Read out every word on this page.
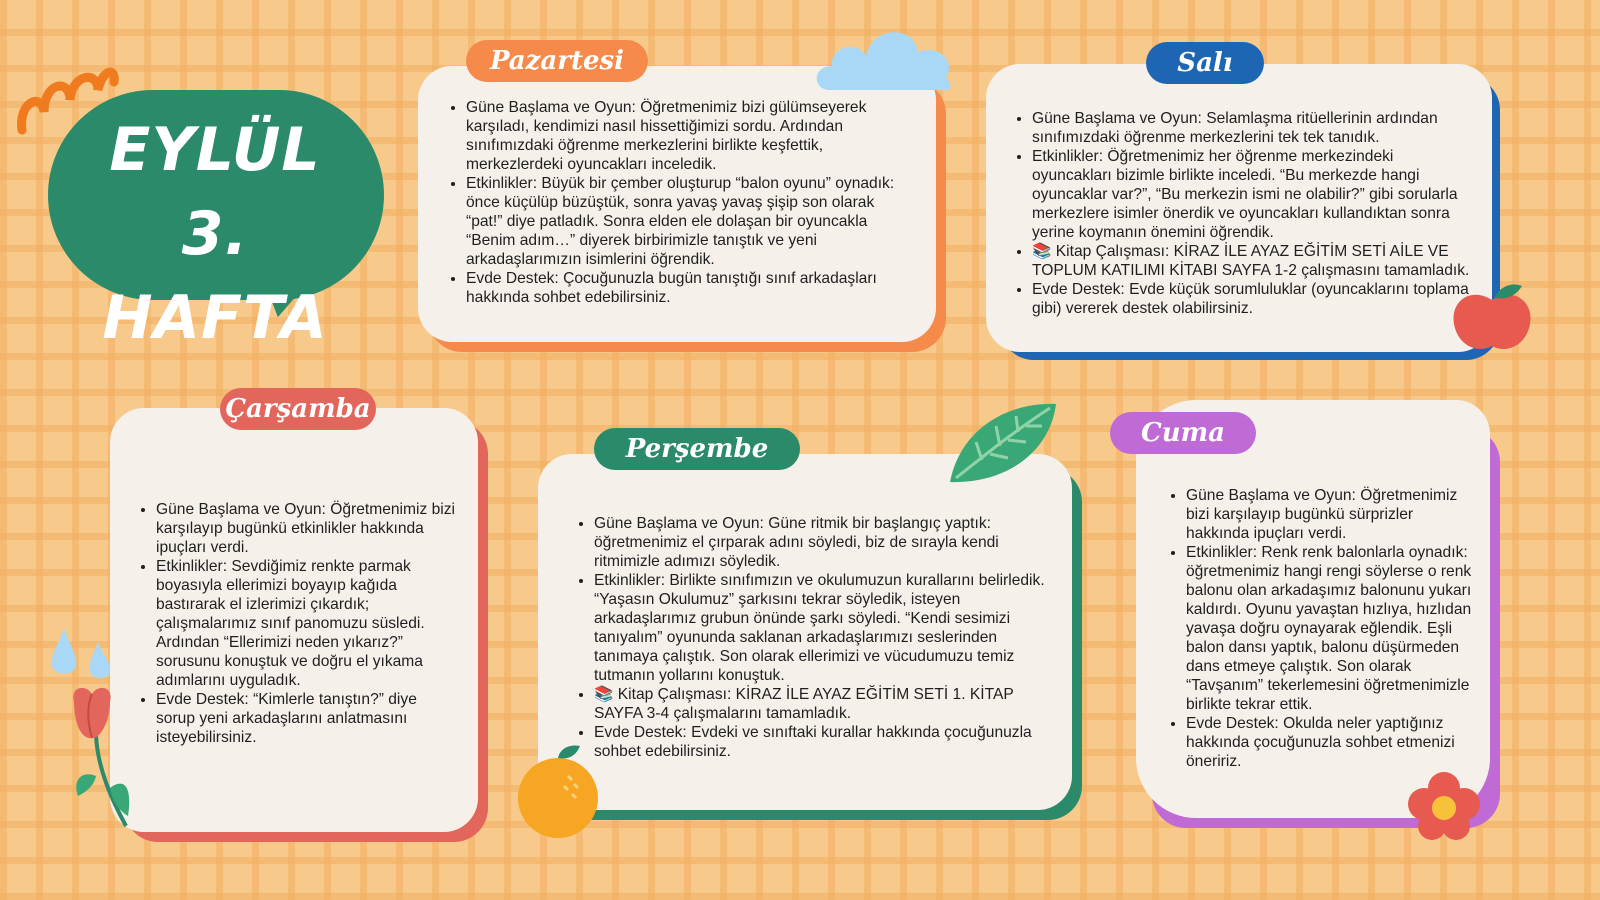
EYLÜL
3. HAFTA
• Güne Başlama ve Oyun: Öğretmenimiz bizi gülümseyerek karşıladı, kendimizi nasıl hissettiğimizi sordu. Ardından sınıfımızdaki öğrenme merkezlerini birlikte keşfettik, merkezlerdeki oyuncakları inceledik.
• Etkinlikler: Büyük bir çember oluşturup “balon oyunu” oynadık: önce küçülüp büzüştük, sonra yavaş yavaş şişip son olarak “pat!” diye patladık. Sonra elden ele dolaşan bir oyuncakla “Benim adım…” diyerek birbirimizle tanıştık ve yeni arkadaşlarımızın isimlerini öğrendik.
• Evde Destek: Çocuğunuzla bugün tanıştığı sınıf arkadaşları hakkında sohbet edebilirsiniz.
Pazartesi
• Güne Başlama ve Oyun: Selamlaşma ritüellerinin ardından sınıfımızdaki öğrenme merkezlerini tek tek tanıdık.
• Etkinlikler: Öğretmenimiz her öğrenme merkezindeki oyuncakları bizimle birlikte inceledi. “Bu merkezde hangi oyuncaklar var?”, “Bu merkezin ismi ne olabilir?” gibi sorularla merkezlere isimler önerdik ve oyuncakları kullandıktan sonra yerine koymanın önemini öğrendik.
• 📚 Kitap Çalışması: KİRAZ İLE AYAZ EĞİTİM SETİ AİLE VE TOPLUM KATILIMI KİTABI SAYFA 1-2 çalışmasını tamamladık.
• Evde Destek: Evde küçük sorumluluklar (oyuncaklarını toplama gibi) vererek destek olabilirsiniz.
Salı
• Güne Başlama ve Oyun: Öğretmenimiz bizi karşılayıp bugünkü etkinlikler hakkında ipuçları verdi.
• Etkinlikler: Sevdiğimiz renkte parmak boyasıyla ellerimizi boyayıp kağıda bastırarak el izlerimizi çıkardık; çalışmalarımız sınıf panomuzu süsledi. Ardından “Ellerimizi neden yıkarız?” sorusunu konuştuk ve doğru el yıkama adımlarını uyguladık.
• Evde Destek: “Kimlerle tanıştın?” diye sorup yeni arkadaşlarını anlatmasını isteyebilirsiniz.
Çarşamba
• Güne Başlama ve Oyun: Güne ritmik bir başlangıç yaptık: öğretmenimiz el çırparak adını söyledi, biz de sırayla kendi ritmimizle adımızı söyledik.
• Etkinlikler: Birlikte sınıfımızın ve okulumuzun kurallarını belirledik. “Yaşasın Okulumuz” şarkısını tekrar söyledik, isteyen arkadaşlarımız grubun önünde şarkı söyledi. “Kendi sesimizi tanıyalım” oyununda saklanan arkadaşlarımızı seslerinden tanımaya çalıştık. Son olarak ellerimizi ve vücudumuzu temiz tutmanın yollarını konuştuk.
• 📚 Kitap Çalışması: KİRAZ İLE AYAZ EĞİTİM SETİ 1. KİTAP SAYFA 3-4 çalışmalarını tamamladık.
• Evde Destek: Evdeki ve sınıftaki kurallar hakkında çocuğunuzla sohbet edebilirsiniz.
Perşembe
• Güne Başlama ve Oyun: Öğretmenimiz bizi karşılayıp bugünkü sürprizler hakkında ipuçları verdi.
• Etkinlikler: Renk renk balonlarla oynadık: öğretmenimiz hangi rengi söylerse o renk balonu olan arkadaşımız balonunu yukarı kaldırdı. Oyunu yavaştan hızlıya, hızlıdan yavaşa doğru oynayarak eğlendik. Eşli balon dansı yaptık, balonu düşürmeden dans etmeye çalıştık. Son olarak “Tavşanım” tekerlemesini öğretmenimizle birlikte tekrar ettik.
• Evde Destek: Okulda neler yaptığınız hakkında çocuğunuzla sohbet etmenizi öneririz.
Cuma
